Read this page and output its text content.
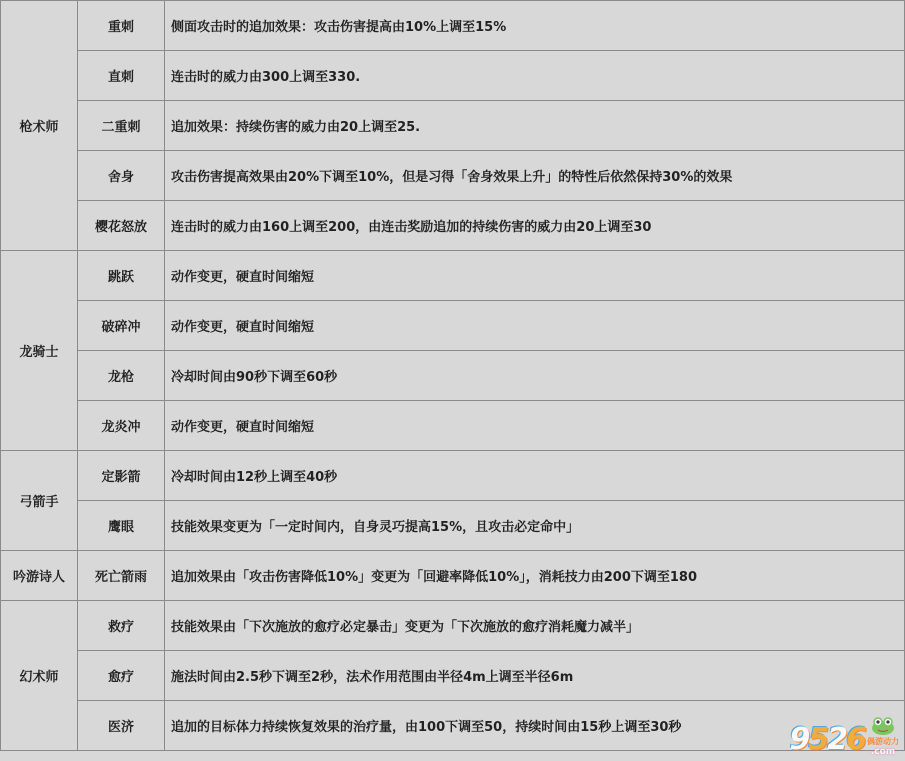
枪术师	重刺	侧面攻击时的追加效果：攻击伤害提高由10%上调至15%
	直刺	连击时的威力由300上调至330.
	二重刺	追加效果：持续伤害的威力由20上调至25.
	舍身	攻击伤害提高效果由20%下调至10%，但是习得「舍身效果上升」的特性后依然保持30%的效果
	樱花怒放	连击时的威力由160上调至200，由连击奖励追加的持续伤害的威力由20上调至30
龙骑士	跳跃	动作变更，硬直时间缩短
	破碎冲	动作变更，硬直时间缩短
	龙枪	冷却时间由90秒下调至60秒
	龙炎冲	动作变更，硬直时间缩短
弓箭手	定影箭	冷却时间由12秒上调至40秒
	鹰眼	技能效果变更为「一定时间内，自身灵巧提高15%，且攻击必定命中」
吟游诗人	死亡箭雨	追加效果由「攻击伤害降低10%」变更为「回避率降低10%」，消耗技力由200下调至180
幻术师	救疗	技能效果由「下次施放的愈疗必定暴击」变更为「下次施放的愈疗消耗魔力减半」
	愈疗	施法时间由2.5秒下调至2秒，法术作用范围由半径4m上调至半径6m
	医济	追加的目标体力持续恢复效果的治疗量，由100下调至50，持续时间由15秒上调至30秒	9526 偶游动力
.com
